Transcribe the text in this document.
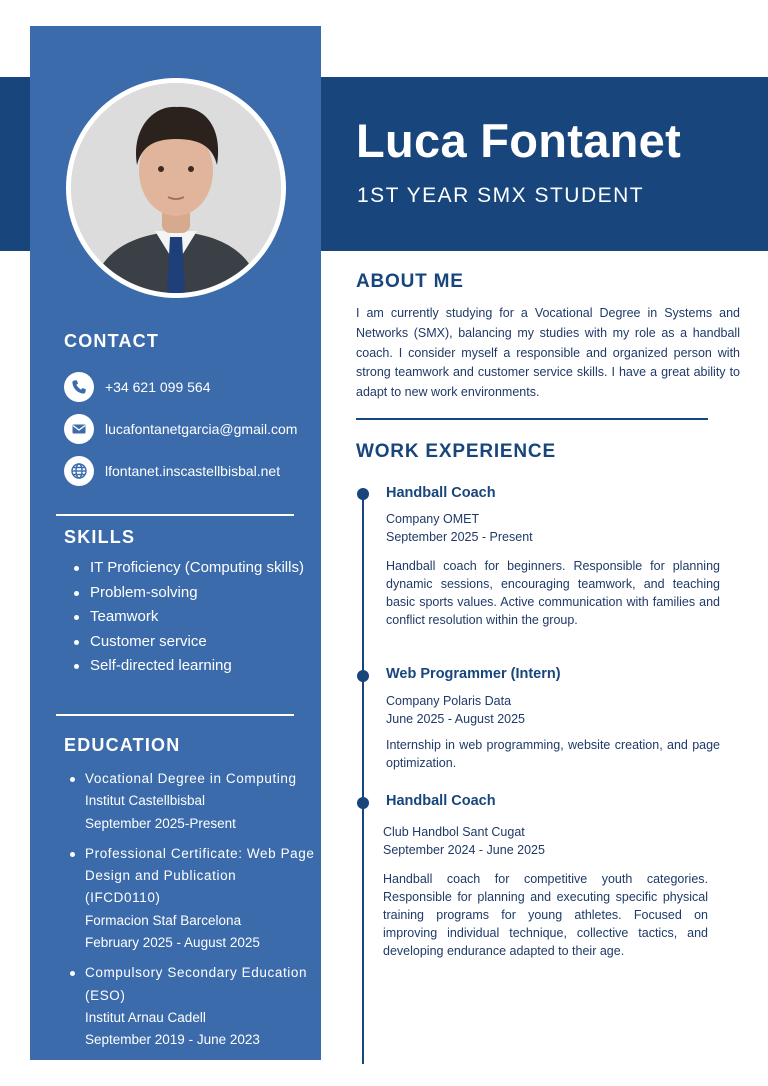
CONTACT
+34 621 099 564
lucafontanetgarcia@gmail.com
lfontanet.inscastellbisbal.net
SKILLS
IT Proficiency (Computing skills)
Problem-solving
Teamwork
Customer service
Self-directed learning
EDUCATION
Vocational Degree in Computing
Institut Castellbisbal
September 2025-Present
Professional Certificate: Web Page Design and Publication (IFCD0110)
Formacion Staf Barcelona
February 2025 - August 2025
Compulsory Secondary Education (ESO)
Institut Arnau Cadell
September 2019 - June 2023
Luca Fontanet
1ST YEAR SMX STUDENT
ABOUT ME

I am currently studying for a Vocational Degree in Systems and Networks (SMX), balancing my studies with my role as a handball coach. I consider myself a responsible and organized person with strong teamwork and customer service skills. I have a great ability to adapt to new work environments.

WORK EXPERIENCE
Handball Coach
Company OMET
September 2025 - Present
Handball coach for beginners. Responsible for planning dynamic sessions, encouraging teamwork, and teaching basic sports values. Active communication with families and conflict resolution within the group.
Web Programmer (Intern)
Company Polaris Data
June 2025 - August 2025
Internship in web programming, website creation, and page optimization.
Handball Coach
Club Handbol Sant Cugat
September 2024 - June 2025
Handball coach for competitive youth categories. Responsible for planning and executing specific physical training programs for young athletes. Focused on improving individual technique, collective tactics, and developing endurance adapted to their age.
